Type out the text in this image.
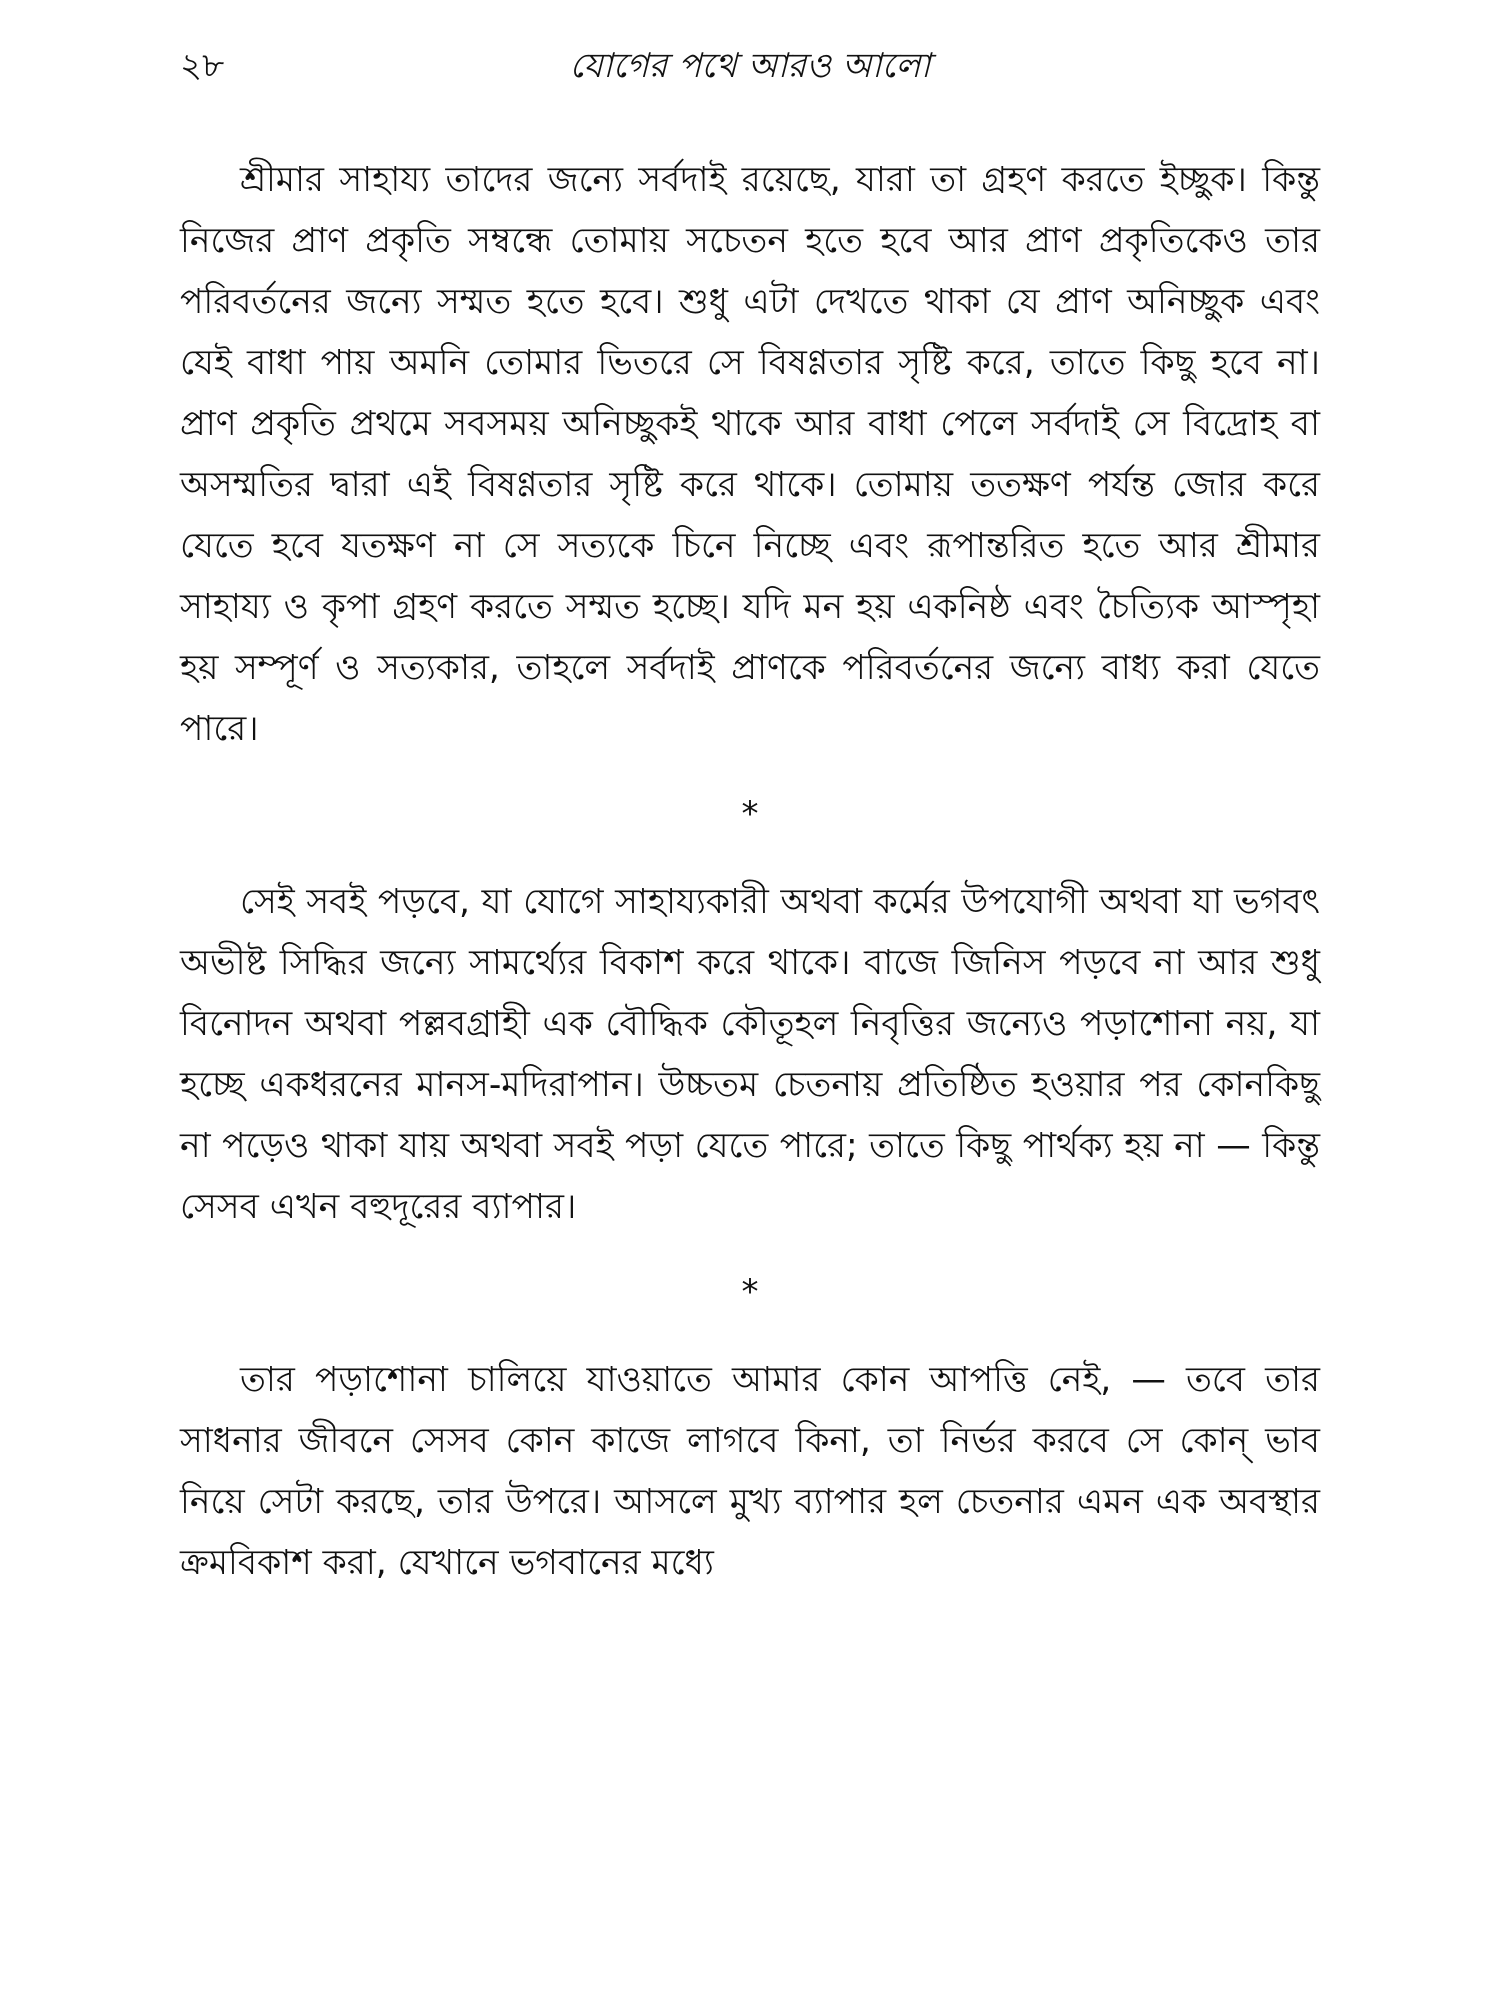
২৮	যোগের পথে আরও আলো

শ্রীমার সাহায্য তাদের জন্যে সর্বদাই রয়েছে, যারা তা গ্রহণ করতে ইচ্ছুক। কিন্তু নিজের প্রাণ প্রকৃতি সম্বন্ধে তোমায় সচেতন হতে হবে আর প্রাণ প্রকৃতিকেও তার পরিবর্তনের জন্যে সম্মত হতে হবে। শুধু এটা দেখতে থাকা যে প্রাণ অনিচ্ছুক এবং যেই বাধা পায় অমনি তোমার ভিতরে সে বিষণ্ণতার সৃষ্টি করে, তাতে কিছু হবে না। প্রাণ প্রকৃতি প্রথমে সবসময় অনিচ্ছুকই থাকে আর বাধা পেলে সর্বদাই সে বিদ্রোহ বা অসম্মতির দ্বারা এই বিষণ্ণতার সৃষ্টি করে থাকে। তোমায় ততক্ষণ পর্যন্ত জোর করে যেতে হবে যতক্ষণ না সে সত্যকে চিনে নিচ্ছে এবং রূপান্তরিত হতে আর শ্রীমার সাহায্য ও কৃপা গ্রহণ করতে সম্মত হচ্ছে। যদি মন হয় একনিষ্ঠ এবং চৈত্যিক আস্পৃহা হয় সম্পূর্ণ ও সত্যকার, তাহলে সর্বদাই প্রাণকে পরিবর্তনের জন্যে বাধ্য করা যেতে পারে।

*

সেই সবই পড়বে, যা যোগে সাহায্যকারী অথবা কর্মের উপযোগী অথবা যা ভগবৎ অভীষ্ট সিদ্ধির জন্যে সামর্থ্যের বিকাশ করে থাকে। বাজে জিনিস পড়বে না আর শুধু বিনোদন অথবা পল্লবগ্রাহী এক বৌদ্ধিক কৌতূহল নিবৃত্তির জন্যেও পড়াশোনা নয়, যা হচ্ছে একধরনের মানস-মদিরাপান। উচ্চতম চেতনায় প্রতিষ্ঠিত হওয়ার পর কোনকিছু না পড়েও থাকা যায় অথবা সবই পড়া যেতে পারে; তাতে কিছু পার্থক্য হয় না — কিন্তু সেসব এখন বহুদূরের ব্যাপার।

*

তার পড়াশোনা চালিয়ে যাওয়াতে আমার কোন আপত্তি নেই, — তবে তার সাধনার জীবনে সেসব কোন কাজে লাগবে কিনা, তা নির্ভর করবে সে কোন্ ভাব নিয়ে সেটা করছে, তার উপরে। আসলে মুখ্য ব্যাপার হল চেতনার এমন এক অবস্থার ক্রমবিকাশ করা, যেখানে ভগবানের মধ্যে
